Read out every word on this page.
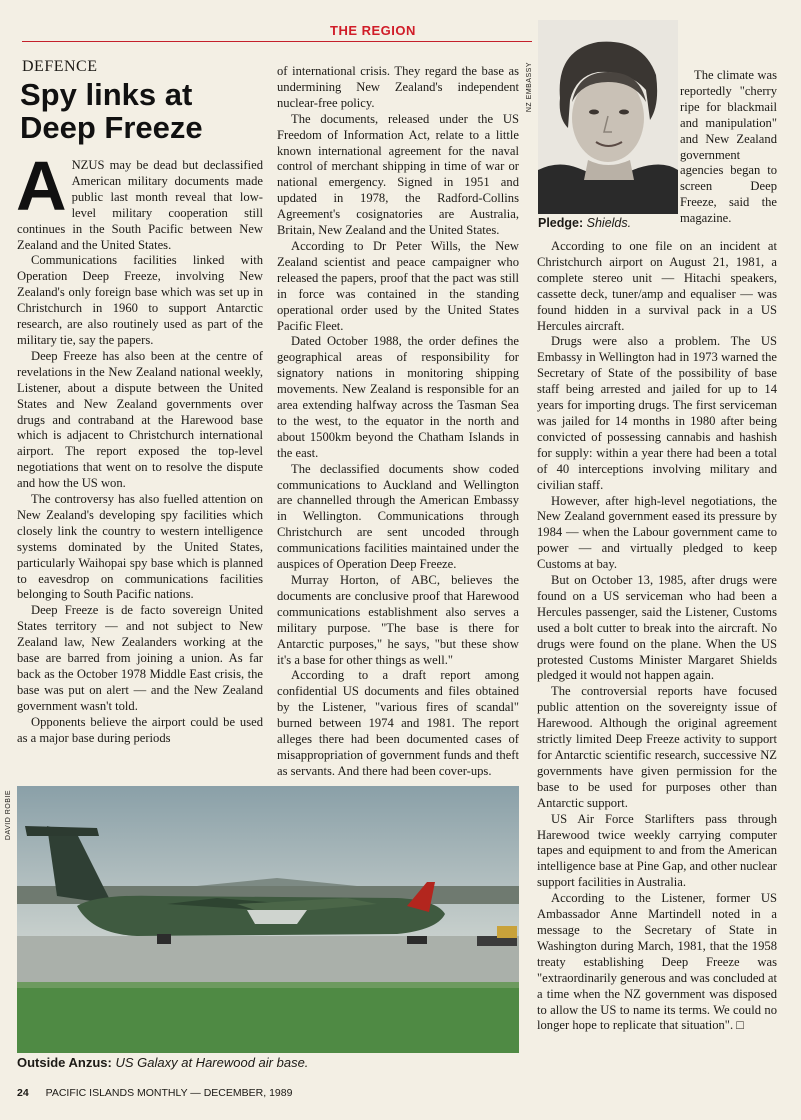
THE REGION
DEFENCE
Spy links at Deep Freeze

ANZUS may be dead but declassified American military documents made public last month reveal that low-level military cooperation still continues in the South Pacific between New Zealand and the United States.

Communications facilities linked with Operation Deep Freeze, involving New Zealand's only foreign base which was set up in Christchurch in 1960 to support Antarctic research, are also routinely used as part of the military tie, say the papers.

Deep Freeze has also been at the centre of revelations in the New Zealand national weekly, Listener, about a dispute between the United States and New Zealand governments over drugs and contraband at the Harewood base which is adjacent to Christchurch international airport. The report exposed the top-level negotiations that went on to resolve the dispute and how the US won.

The controversy has also fuelled attention on New Zealand's developing spy facilities which closely link the country to western intelligence systems dominated by the United States, particularly Waihopai spy base which is planned to eavesdrop on communications facilities belonging to South Pacific nations.

Deep Freeze is de facto sovereign United States territory — and not subject to New Zealand law, New Zealanders working at the base are barred from joining a union. As far back as the October 1978 Middle East crisis, the base was put on alert — and the New Zealand government wasn't told.

Opponents believe the airport could be used as a major base during periods

of international crisis. They regard the base as undermining New Zealand's independent nuclear-free policy.

The documents, released under the US Freedom of Information Act, relate to a little known international agreement for the naval control of merchant shipping in time of war or national emergency. Signed in 1951 and updated in 1978, the Radford-Collins Agreement's cosignatories are Australia, Britain, New Zealand and the United States.

According to Dr Peter Wills, the New Zealand scientist and peace campaigner who released the papers, proof that the pact was still in force was contained in the standing operational order used by the United States Pacific Fleet.

Dated October 1988, the order defines the geographical areas of responsibility for signatory nations in monitoring shipping movements. New Zealand is responsible for an area extending halfway across the Tasman Sea to the west, to the equator in the north and about 1500km beyond the Chatham Islands in the east.

The declassified documents show coded communications to Auckland and Wellington are channelled through the American Embassy in Wellington. Communications through Christchurch are sent uncoded through communications facilities maintained under the auspices of Operation Deep Freeze.

Murray Horton, of ABC, believes the documents are conclusive proof that Harewood communications establishment also serves a military purpose. "The base is there for Antarctic purposes," he says, "but these show it's a base for other things as well."

According to a draft report among confidential US documents and files obtained by the Listener, "various fires of scandal" burned between 1974 and 1981. The report alleges there had been documented cases of misappropriation of government funds and theft as servants. And there had been cover-ups.

NZ EMBASSY
Pledge: Shields.

The climate was reportedly "cherry ripe for blackmail and manipulation" and New Zealand government agencies began to screen Deep Freeze, said the magazine.

According to one file on an incident at Christchurch airport on August 21, 1981, a complete stereo unit — Hitachi speakers, cassette deck, tuner/amp and equaliser — was found hidden in a survival pack in a US Hercules aircraft.

Drugs were also a problem. The US Embassy in Wellington had in 1973 warned the Secretary of State of the possibility of base staff being arrested and jailed for up to 14 years for importing drugs. The first serviceman was jailed for 14 months in 1980 after being convicted of possessing cannabis and hashish for supply: within a year there had been a total of 40 interceptions involving military and civilian staff.

However, after high-level negotiations, the New Zealand government eased its pressure by 1984 — when the Labour government came to power — and virtually pledged to keep Customs at bay.

But on October 13, 1985, after drugs were found on a US serviceman who had been a Hercules passenger, said the Listener, Customs used a bolt cutter to break into the aircraft. No drugs were found on the plane. When the US protested Customs Minister Margaret Shields pledged it would not happen again.

The controversial reports have focused public attention on the sovereignty issue of Harewood. Although the original agreement strictly limited Deep Freeze activity to support for Antarctic scientific research, successive NZ governments have given permission for the base to be used for purposes other than Antarctic support.

US Air Force Starlifters pass through Harewood twice weekly carrying computer tapes and equipment to and from the American intelligence base at Pine Gap, and other nuclear support facilities in Australia.

According to the Listener, former US Ambassador Anne Martindell noted in a message to the Secretary of State in Washington during March, 1981, that the 1958 treaty establishing Deep Freeze was "extraordinarily generous and was concluded at a time when the NZ government was disposed to allow the US to name its terms. We could no longer hope to replicate that situation". □

DAVID ROBIE
Outside Anzus: US Galaxy at Harewood air base.
24 PACIFIC ISLANDS MONTHLY — DECEMBER, 1989
